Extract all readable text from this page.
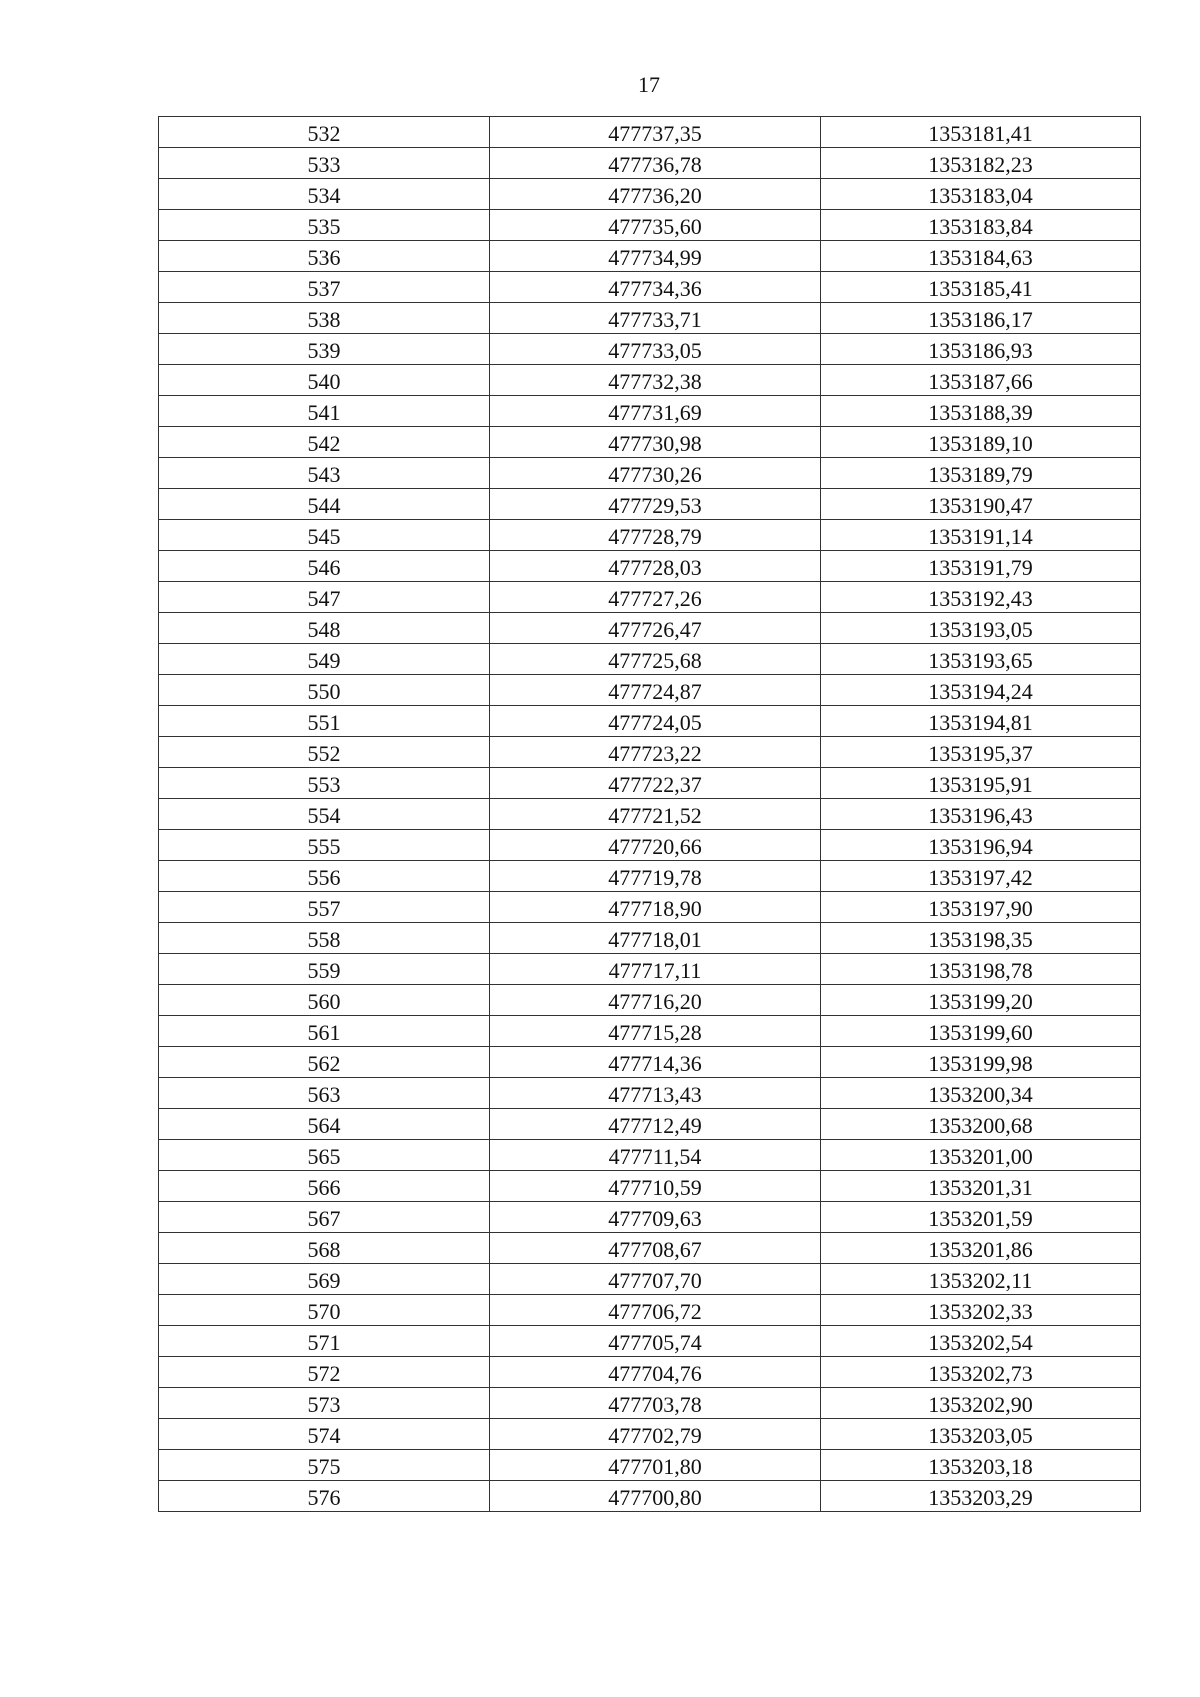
17
532	477737,35	1353181,41
533	477736,78	1353182,23
534	477736,20	1353183,04
535	477735,60	1353183,84
536	477734,99	1353184,63
537	477734,36	1353185,41
538	477733,71	1353186,17
539	477733,05	1353186,93
540	477732,38	1353187,66
541	477731,69	1353188,39
542	477730,98	1353189,10
543	477730,26	1353189,79
544	477729,53	1353190,47
545	477728,79	1353191,14
546	477728,03	1353191,79
547	477727,26	1353192,43
548	477726,47	1353193,05
549	477725,68	1353193,65
550	477724,87	1353194,24
551	477724,05	1353194,81
552	477723,22	1353195,37
553	477722,37	1353195,91
554	477721,52	1353196,43
555	477720,66	1353196,94
556	477719,78	1353197,42
557	477718,90	1353197,90
558	477718,01	1353198,35
559	477717,11	1353198,78
560	477716,20	1353199,20
561	477715,28	1353199,60
562	477714,36	1353199,98
563	477713,43	1353200,34
564	477712,49	1353200,68
565	477711,54	1353201,00
566	477710,59	1353201,31
567	477709,63	1353201,59
568	477708,67	1353201,86
569	477707,70	1353202,11
570	477706,72	1353202,33
571	477705,74	1353202,54
572	477704,76	1353202,73
573	477703,78	1353202,90
574	477702,79	1353203,05
575	477701,80	1353203,18
576	477700,80	1353203,29
